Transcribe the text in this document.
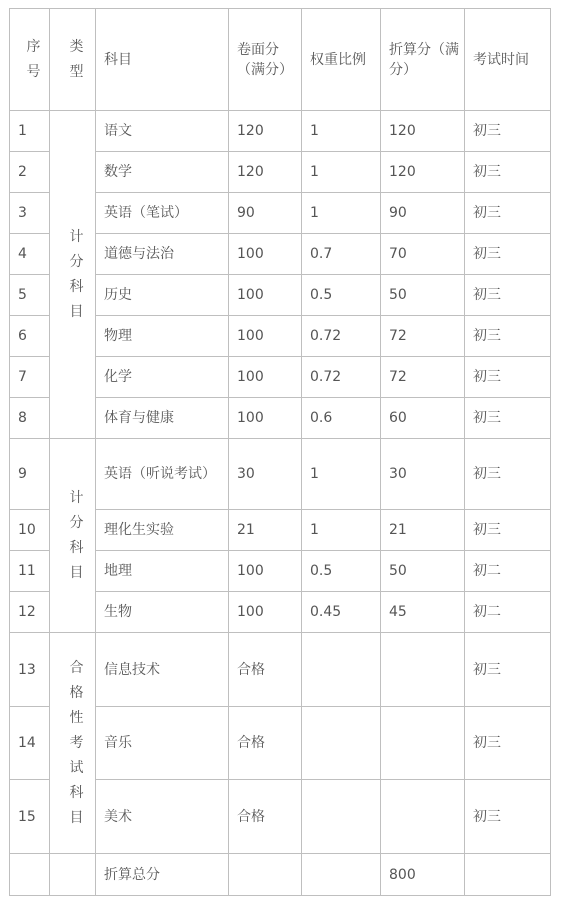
序号	类型	科目	卷面分（满分）	权重比例	折算分（满分）	考试时间
1	计分科目	语文	120	1	120	初三
2		数学	120	1	120	初三
3		英语（笔试）	90	1	90	初三
4		道德与法治	100	0.7	70	初三
5		历史	100	0.5	50	初三
6		物理	100	0.72	72	初三
7		化学	100	0.72	72	初三
8		体育与健康	100	0.6	60	初三
9	计分科目	英语（听说考试）	30	1	30	初三
10		理化生实验	21	1	21	初三
11		地理	100	0.5	50	初二
12		生物	100	0.45	45	初二
13	合格性考试科目	信息技术	合格			初三
14		音乐	合格			初三
15		美术	合格			初三
		折算总分			800	
